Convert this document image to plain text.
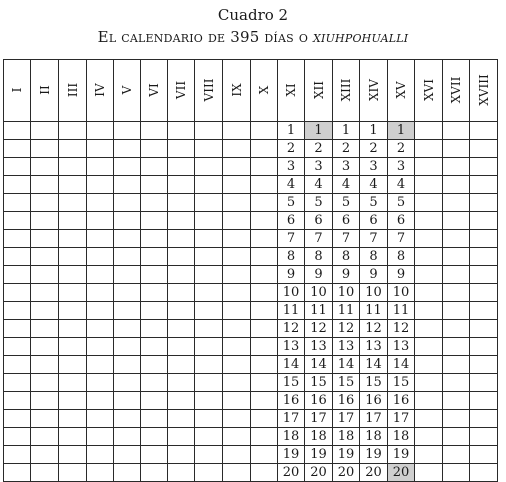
Cuadro 2
El calendario de 395 días o xiuhpohualli
I	II	III	IV	V	VI	VII	VIII	IX	X	XI	XII	XIII	XIV	XV	XVI	XVII	XVIII

										1	1	1	1	1			
										2	2	2	2	2			
										3	3	3	3	3			
										4	4	4	4	4			
										5	5	5	5	5			
										6	6	6	6	6			
										7	7	7	7	7			
										8	8	8	8	8			
										9	9	9	9	9			
										10	10	10	10	10			
										11	11	11	11	11			
										12	12	12	12	12			
										13	13	13	13	13			
										14	14	14	14	14			
										15	15	15	15	15			
										16	16	16	16	16			
										17	17	17	17	17			
										18	18	18	18	18			
										19	19	19	19	19			
										20	20	20	20	20			
